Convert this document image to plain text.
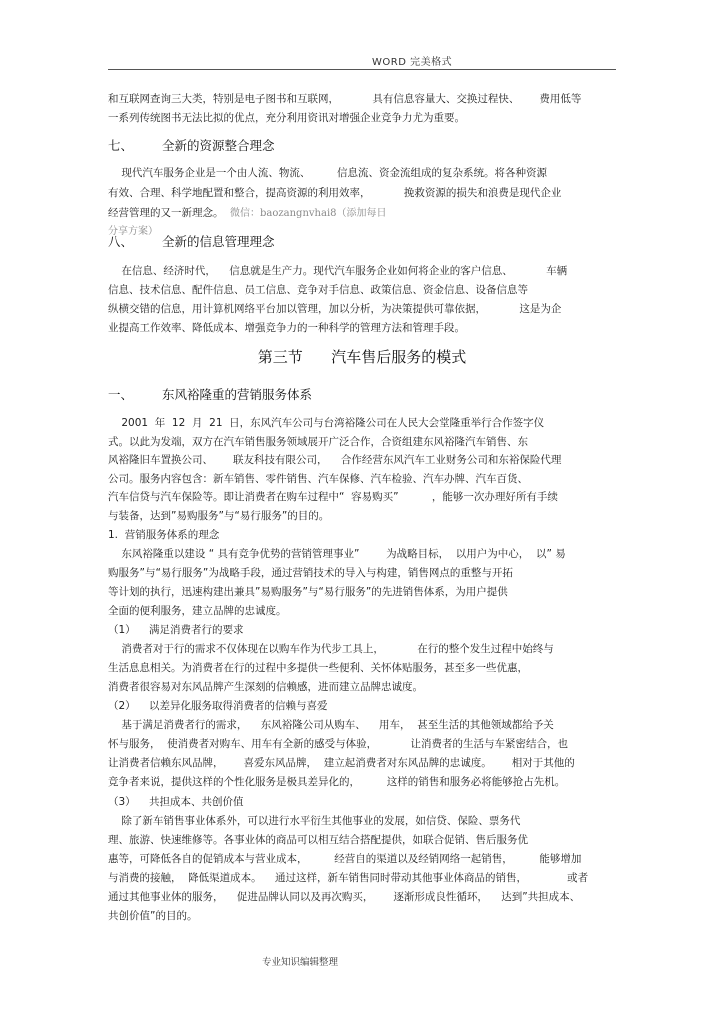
WORD 完美格式
和互联网查询三大类，特别是电子图书和互联网，          具有信息容量大、交换过程快、      费用低等
一系列传统图书无法比拟的优点，充分利用资讯对增强企业竞争力尤为重要。
七、 全新的资源整合理念
现代汽车服务企业是一个由人流、物流、        信息流、资金流组成的复杂系统。将各种资源
有效、合理、科学地配置和整合，提高资源的利用效率，          挽救资源的损失和浪费是现代企业
经营管理的又一新理念。 微信：baozangnvhai8（添加每日
分享方案）
八、 全新的信息管理理念
在信息、经济时代，    信息就是生产力。现代汽车服务企业如何将企业的客户信息、          车辆
信息、技术信息、配件信息、员工信息、竞争对手信息、政策信息、资金信息、设备信息等
纵横交错的信息，用计算机网络平台加以管理，加以分析，为决策提供可靠依据，          这是为企
业提高工作效率、降低成本、增强竞争力的一种科学的管理方法和管理手段。
第三节      汽车售后服务的模式
一、 东风裕隆重的营销服务体系
2001  年  12  月  21  日，东风汽车公司与台湾裕隆公司在人民大会堂隆重举行合作签字仪
式。以此为发端，双方在汽车销售服务领域展开广泛合作，合资组建东风裕隆汽车销售、东
风裕隆旧车置换公司、      联友科技有限公司，    合作经营东风汽车工业财务公司和东裕保险代理
公司。服务内容包含：新车销售、零件销售、汽车保修、汽车检验、汽车办牌、汽车百货、
汽车信贷与汽车保险等。即让消费者在购车过程中“  容易购买”          ，能够一次办理好所有手续
与装备，达到”易购服务”与“易行服务”的目的。
1.  营销服务体系的理念
东风裕隆重以建设 “ 具有竞争优势的营销管理事业”        为战略目标，  以用户为中心，  以” 易
购服务”与“易行服务”为战略手段，通过营销技术的导入与构建，销售网点的重整与开拓
等计划的执行，迅速构建出兼具”易购服务”与“易行服务”的先进销售体系，为用户提供
全面的便利服务，建立品牌的忠诚度。
（1）    满足消费者行的要求
消费者对于行的需求不仅体现在以购车作为代步工具上，          在行的整个发生过程中始终与
生活息息相关。为消费者在行的过程中多提供一些便利、关怀体贴服务，甚至多一些优惠，
消费者很容易对东风品牌产生深刻的信赖感，进而建立品牌忠诚度。
（2）    以差异化服务取得消费者的信赖与喜爱
基于满足消费者行的需求，    东风裕隆公司从购车、    用车，  甚至生活的其他领域都给予关
怀与服务，  使消费者对购车、用车有全新的感受与体验，          让消费者的生活与车紧密结合，也
让消费者信赖东风品牌，      喜爱东风品牌，  建立起消费者对东风品牌的忠诚度。      相对于其他的
竞争者来说，提供这样的个性化服务是极具差异化的，        这样的销售和服务必将能够抢占先机。
（3）    共担成本、共创价值
除了新车销售事业体系外，可以进行水平衍生其他事业的发展，如信贷、保险、票务代
理、旅游、快速维修等。各事业体的商品可以相互结合搭配提供，如联合促销、售后服务优
惠等，可降低各自的促销成本与营业成本，        经营自的渠道以及经销网络一起销售，        能够增加
与消费的接触，  降低渠道成本。    通过这样，新车销售同时带动其他事业体商品的销售，            或者
通过其他事业体的服务，    促进品牌认同以及再次购买，      逐渐形成良性循环，    达到”共担成本、
共创价值”的目的。
专业知识编辑整理
